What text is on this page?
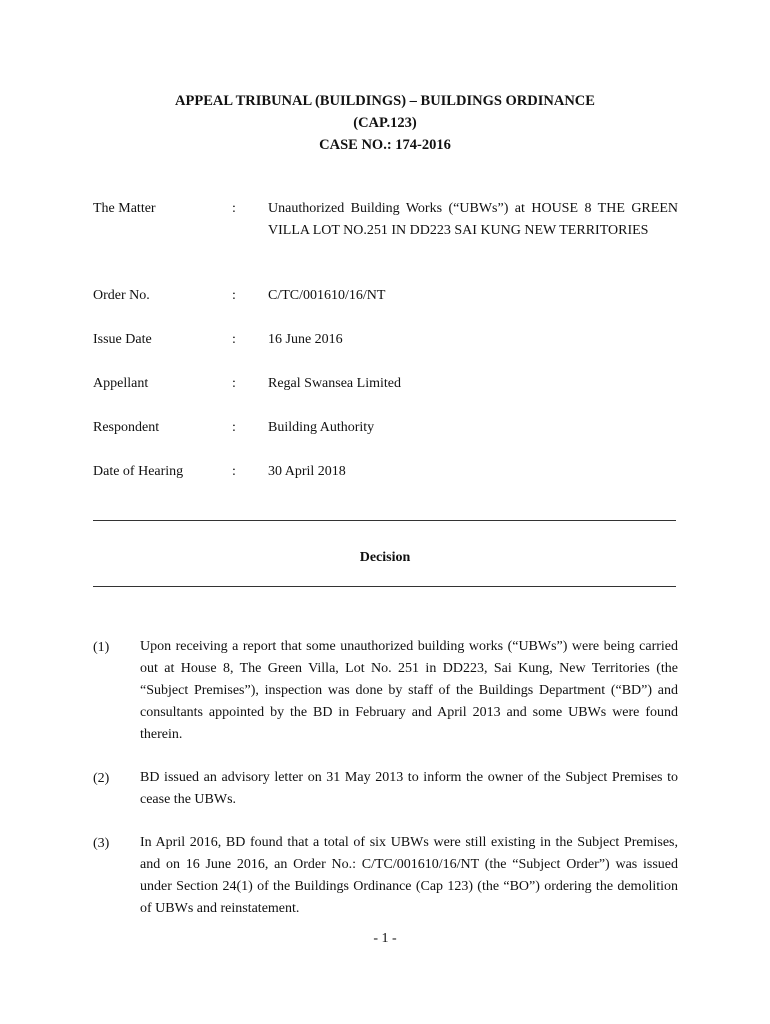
APPEAL TRIBUNAL (BUILDINGS) – BUILDINGS ORDINANCE
(CAP.123)
CASE NO.: 174-2016
The Matter	: Unauthorized Building Works (“UBWs”) at HOUSE 8 THE GREEN VILLA LOT NO.251 IN DD223 SAI KUNG NEW TERRITORIES
Order No.	: C/TC/001610/16/NT
Issue Date	: 16 June 2016
Appellant	: Regal Swansea Limited
Respondent	: Building Authority
Date of Hearing	: 30 April 2018
Decision
(1) Upon receiving a report that some unauthorized building works (“UBWs”) were being carried out at House 8, The Green Villa, Lot No. 251 in DD223, Sai Kung, New Territories (the “Subject Premises”), inspection was done by staff of the Buildings Department (“BD”) and consultants appointed by the BD in February and April 2013 and some UBWs were found therein.
(2) BD issued an advisory letter on 31 May 2013 to inform the owner of the Subject Premises to cease the UBWs.
(3) In April 2016, BD found that a total of six UBWs were still existing in the Subject Premises, and on 16 June 2016, an Order No.: C/TC/001610/16/NT (the “Subject Order”) was issued under Section 24(1) of the Buildings Ordinance (Cap 123) (the “BO”) ordering the demolition of UBWs and reinstatement.
- 1 -
